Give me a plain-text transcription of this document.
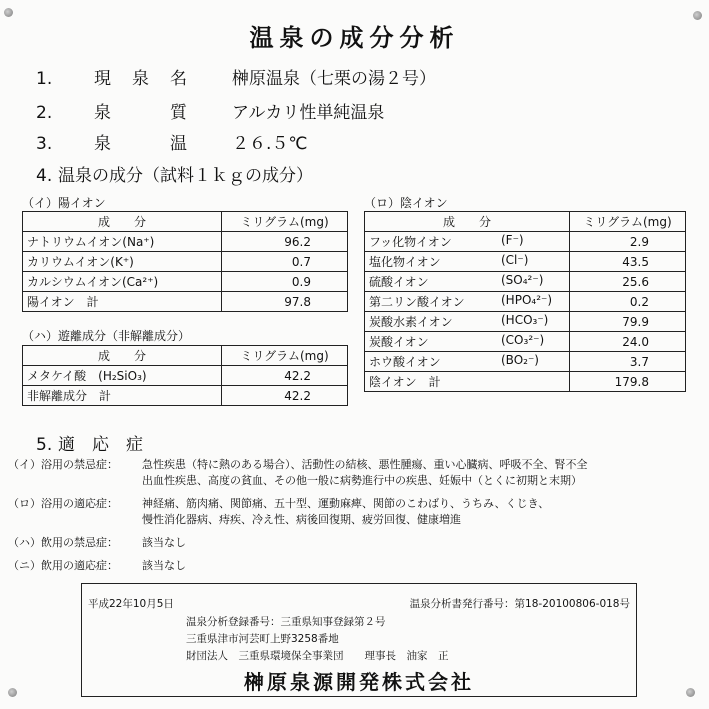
温泉の成分分析
1. 現　泉　名	榊原温泉（七栗の湯２号）
2. 泉　　　質	アルカリ性単純温泉
3. 泉　　　温	２６.５℃
4. 温泉の成分（試料１ｋｇの成分）
（イ）陽イオン
成　　分	ミリグラム(mg)
ナトリウムイオン(Na⁺)	96.2
カリウムイオン(K⁺)	0.7
カルシウムイオン(Ca²⁺)	0.9
陽イオン　計	97.8
（ハ）遊離成分（非解離成分）
成　　分	ミリグラム(mg)
メタケイ酸　(H₂SiO₃)	42.2
非解離成分　計	42.2
（ロ）陰イオン
成　　分	ミリグラム(mg)
フッ化物イオン (F⁻)	2.9
塩化物イオン (Cl⁻)	43.5
硫酸イオン (SO₄²⁻)	25.6
第二リン酸イオン (HPO₄²⁻)	0.2
炭酸水素イオン (HCO₃⁻)	79.9
炭酸イオン (CO₃²⁻)	24.0
ホウ酸イオン (BO₂⁻)	3.7
陰イオン　計	179.8
5. 適　応　症
（イ）浴用の禁忌症： 急性疾患（特に熱のある場合）、活動性の結核、悪性腫瘍、重い心臓病、呼吸不全、腎不全
出血性疾患、高度の貧血、その他一般に病勢進行中の疾患、妊娠中（とくに初期と末期）
（ロ）浴用の適応症： 神経痛、筋肉痛、関節痛、五十型、運動麻痺、関節のこわばり、うちみ、くじき、
慢性消化器病、痔疾、冷え性、病後回復期、疲労回復、健康増進
（ハ）飲用の禁忌症： 該当なし
（ニ）飲用の適応症： 該当なし
平成22年10月5日	温泉分析書発行番号：第18-20100806-018号
温泉分析登録番号：三重県知事登録第２号
三重県津市河芸町上野3258番地
財団法人　三重県環境保全事業団　　理事長　油家　正
榊原泉源開発株式会社
